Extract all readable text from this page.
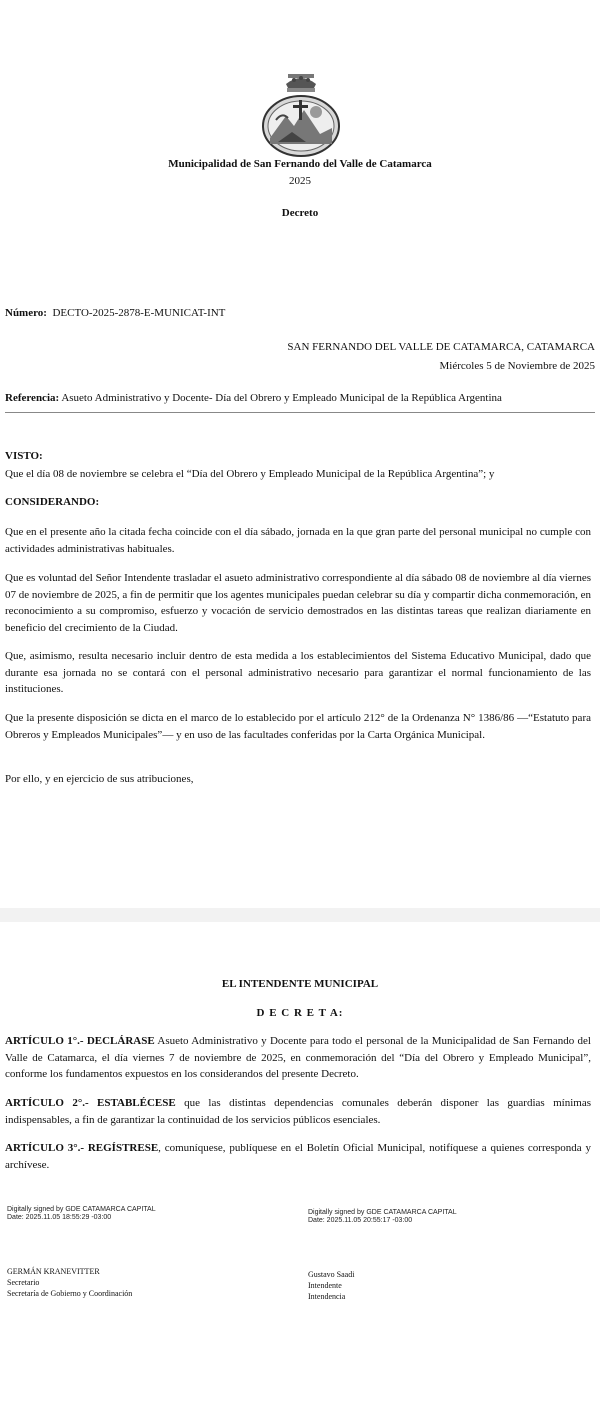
Municipalidad de San Fernando del Valle de Catamarca
2025
Decreto
Número: DECTO-2025-2878-E-MUNICAT-INT
SAN FERNANDO DEL VALLE DE CATAMARCA, CATAMARCA
Miércoles 5 de Noviembre de 2025
Referencia: Asueto Administrativo y Docente- Día del Obrero y Empleado Municipal de la República Argentina
VISTO:
Que el día 08 de noviembre se celebra el “Día del Obrero y Empleado Municipal de la República Argentina”; y
CONSIDERANDO:
Que en el presente año la citada fecha coincide con el día sábado, jornada en la que gran parte del personal municipal no cumple con actividades administrativas habituales.
Que es voluntad del Señor Intendente trasladar el asueto administrativo correspondiente al día sábado 08 de noviembre al día viernes 07 de noviembre de 2025, a fin de permitir que los agentes municipales puedan celebrar su día y compartir dicha conmemoración, en reconocimiento a su compromiso, esfuerzo y vocación de servicio demostrados en las distintas tareas que realizan diariamente en beneficio del crecimiento de la Ciudad.
Que, asimismo, resulta necesario incluir dentro de esta medida a los establecimientos del Sistema Educativo Municipal, dado que durante esa jornada no se contará con el personal administrativo necesario para garantizar el normal funcionamiento de las instituciones.
Que la presente disposición se dicta en el marco de lo establecido por el artículo 212° de la Ordenanza N° 1386/86 —“Estatuto para Obreros y Empleados Municipales”— y en uso de las facultades conferidas por la Carta Orgánica Municipal.
Por ello, y en ejercicio de sus atribuciones,
EL INTENDENTE MUNICIPAL
D E C R E T A:
ARTÍCULO 1°.- DECLÁRASE Asueto Administrativo y Docente para todo el personal de la Municipalidad de San Fernando del Valle de Catamarca, el día viernes 7 de noviembre de 2025, en conmemoración del “Día del Obrero y Empleado Municipal”, conforme los fundamentos expuestos en los considerandos del presente Decreto.
ARTÍCULO 2°.- ESTABLÉCESE que las distintas dependencias comunales deberán disponer las guardias mínimas indispensables, a fin de garantizar la continuidad de los servicios públicos esenciales.
ARTÍCULO 3°.- REGÍSTRESE, comuníquese, publíquese en el Boletín Oficial Municipal, notifíquese a quienes corresponda y archívese.
Digitally signed by GDE CATAMARCA CAPITAL
Date: 2025.11.05 18:55:29 -03:00
GERMÁN KRANEVITTER
Secretario
Secretaría de Gobierno y Coordinación
Digitally signed by GDE CATAMARCA CAPITAL
Date: 2025.11.05 20:55:17 -03:00
Gustavo Saadi
Intendente
Intendencia
